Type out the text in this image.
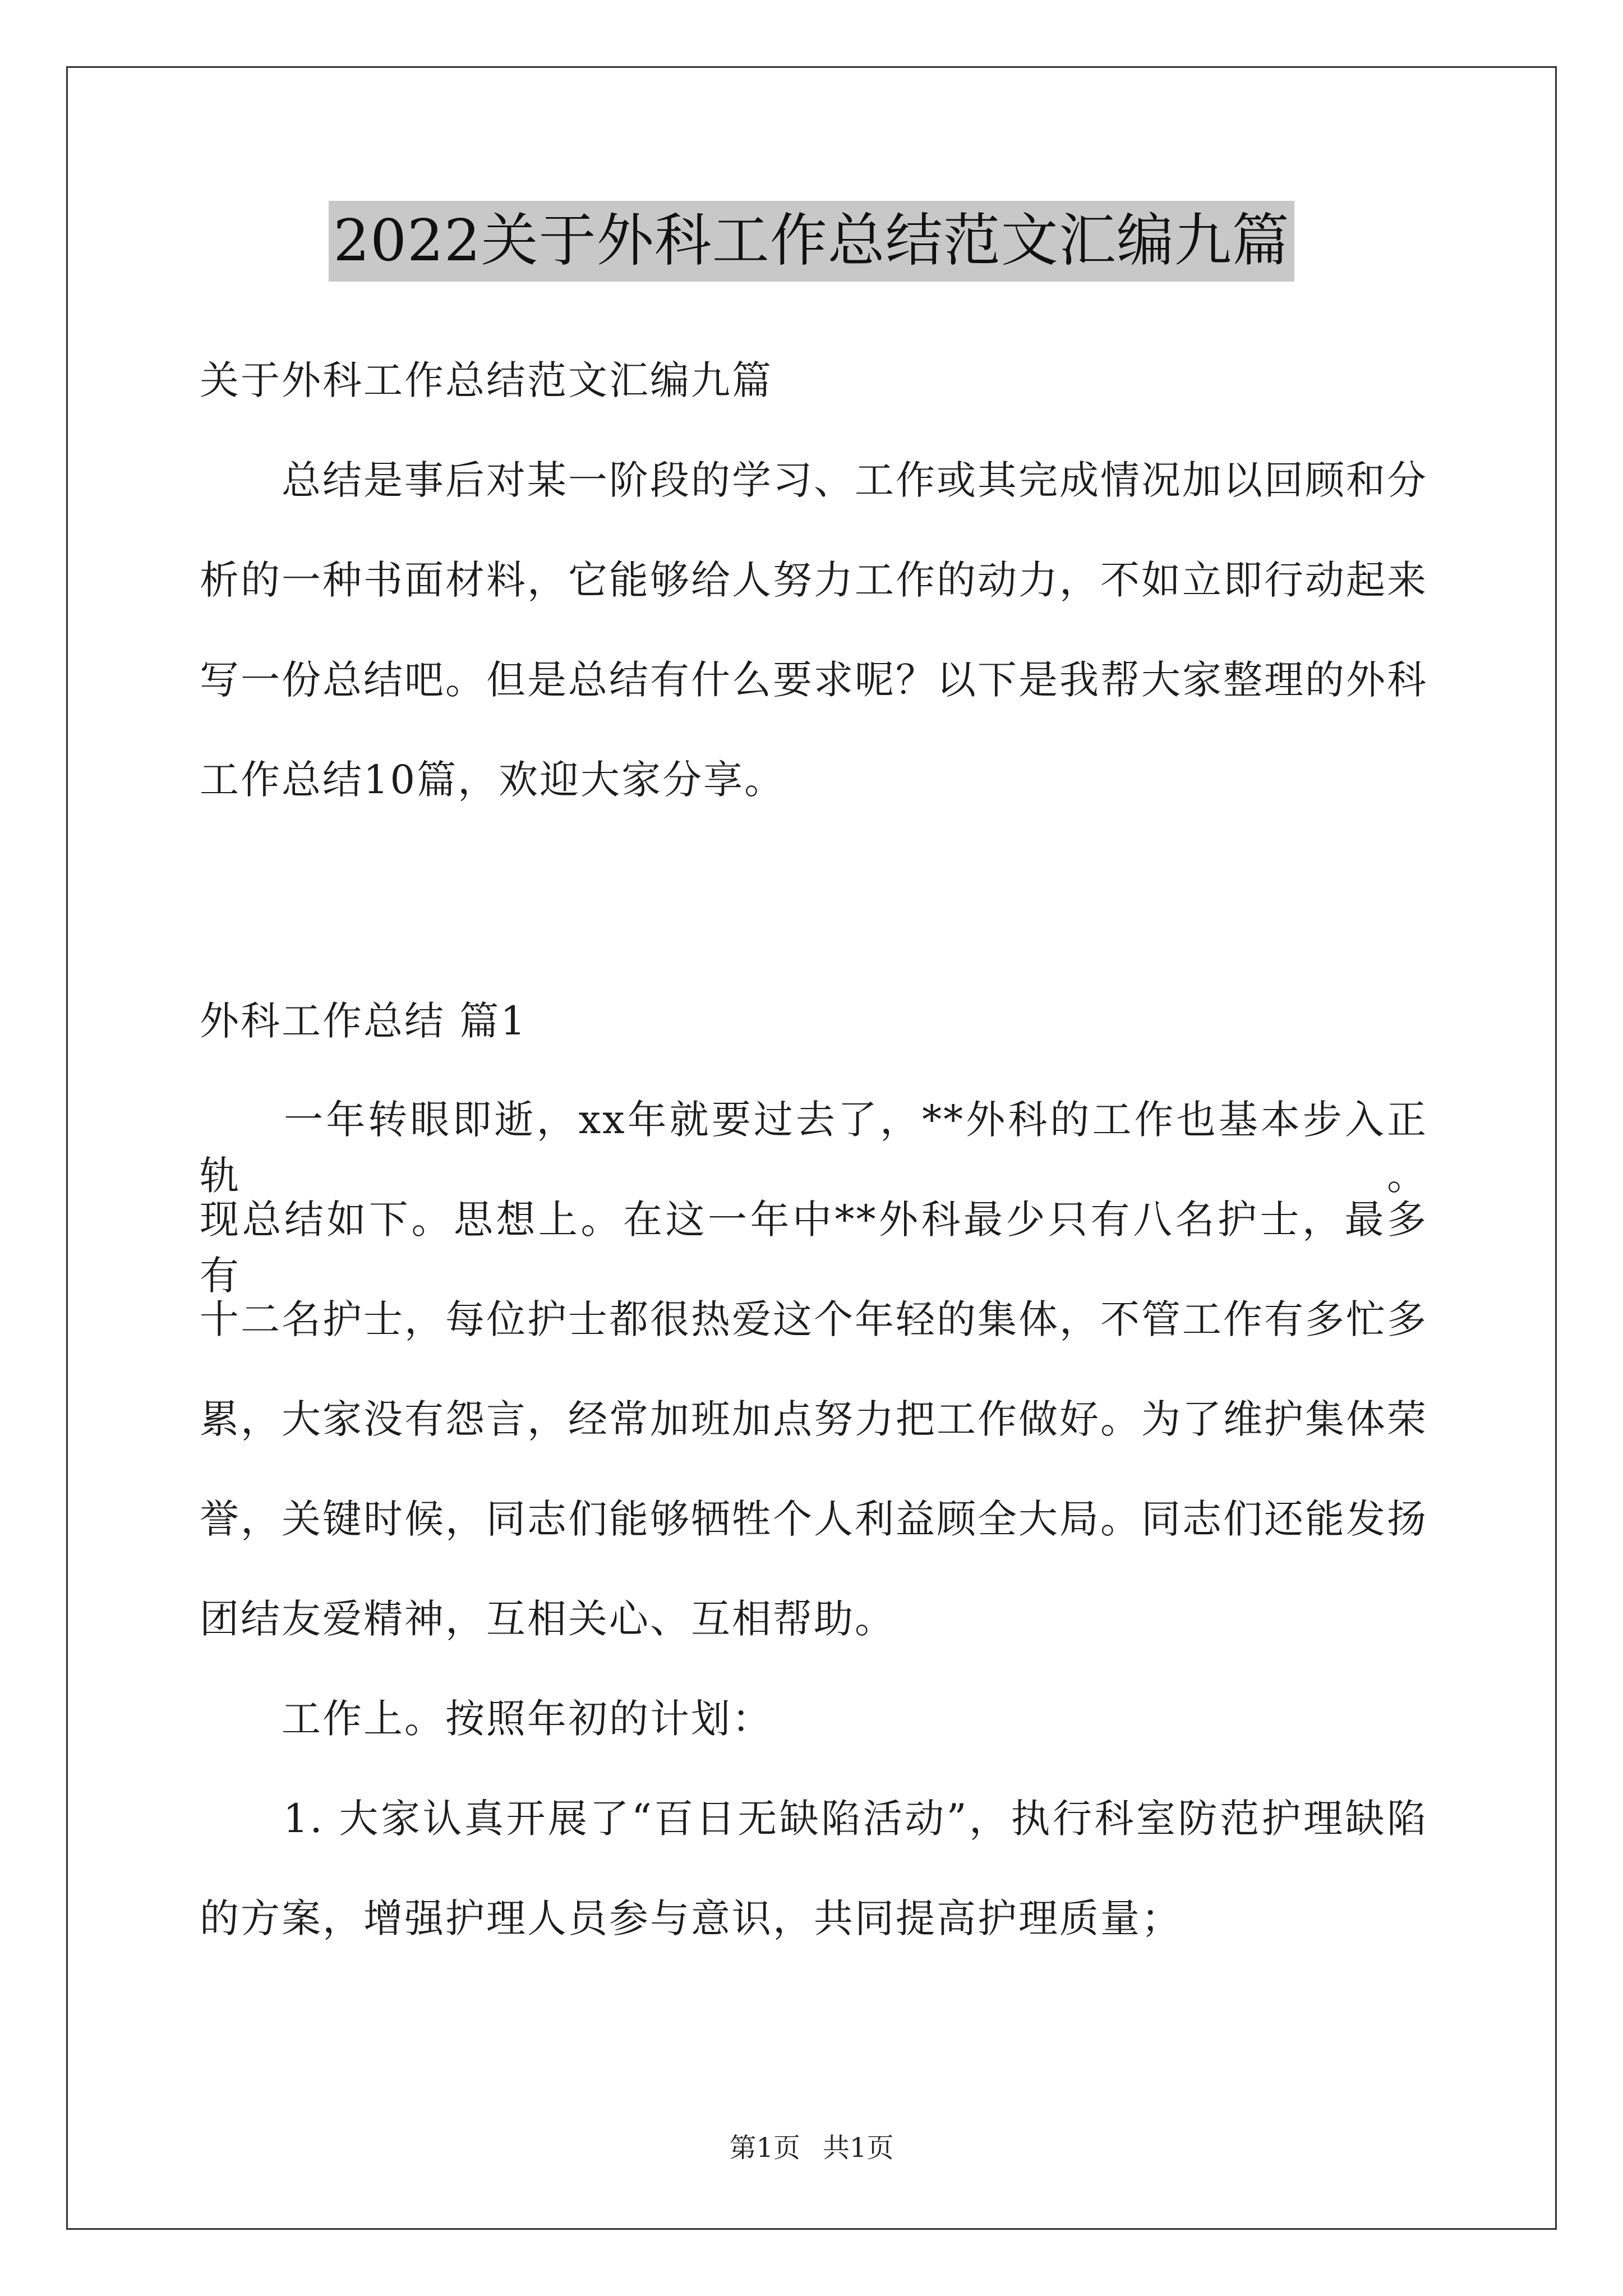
2022关于外科工作总结范文汇编九篇
关于外科工作总结范文汇编九篇
　　总结是事后对某一阶段的学习、工作或其完成情况加以回顾和分
析的一种书面材料，它能够给人努力工作的动力，不如立即行动起来
写一份总结吧。但是总结有什么要求呢？以下是我帮大家整理的外科
工作总结10篇，欢迎大家分享。
外科工作总结 篇1
　　一年转眼即逝，xx年就要过去了，**外科的工作也基本步入正轨。
现总结如下。思想上。在这一年中**外科最少只有八名护士，最多有
十二名护士，每位护士都很热爱这个年轻的集体，不管工作有多忙多
累，大家没有怨言，经常加班加点努力把工作做好。为了维护集体荣
誉，关键时候，同志们能够牺牲个人利益顾全大局。同志们还能发扬
团结友爱精神，互相关心、互相帮助。
　　工作上。按照年初的计划：
　　1. 大家认真开展了“百日无缺陷活动”，执行科室防范护理缺陷
的方案，增强护理人员参与意识，共同提高护理质量；
第1页 共1页
